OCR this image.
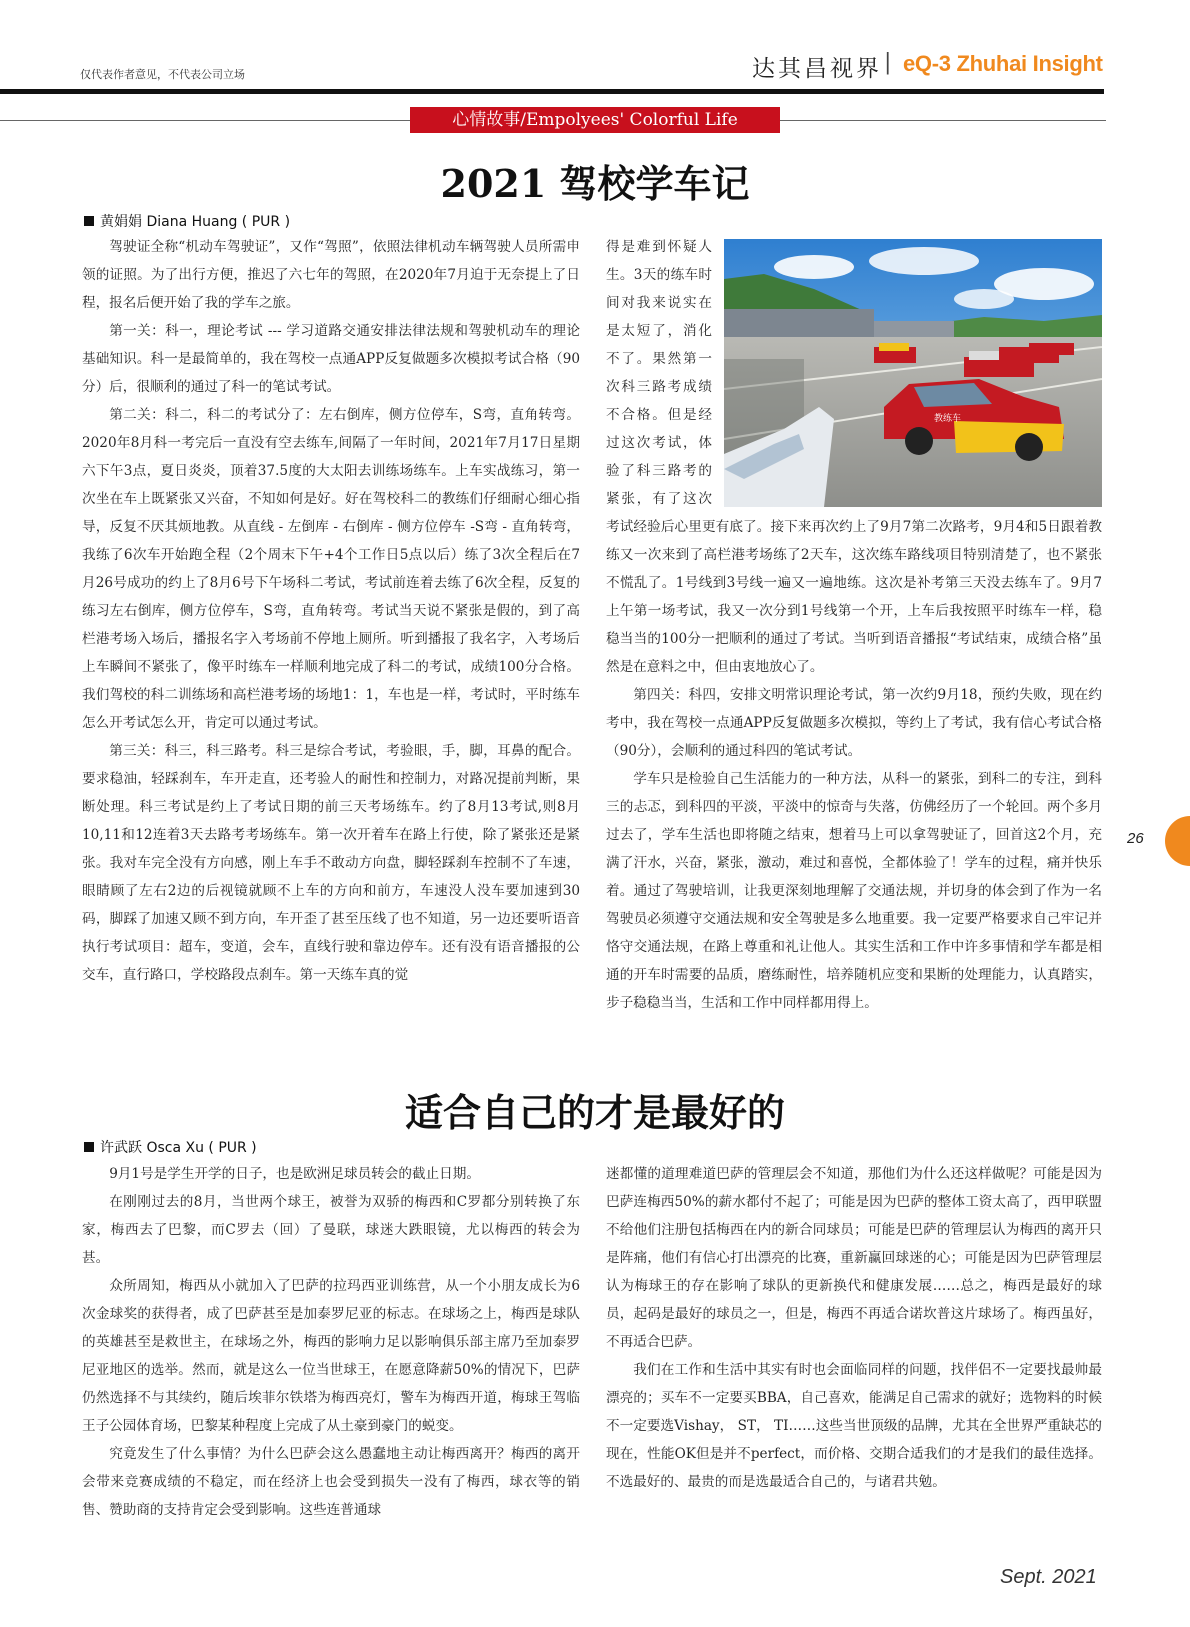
仅代表作者意见，不代表公司立场	达其昌视界 | eQ-3 Zhuhai Insight
心情故事/Empolyees' Colorful Life
2021 驾校学车记
黄娟娟 Diana Huang ( PUR )

驾驶证全称“机动车驾驶证”，又作“驾照”，依照法律机动车辆驾驶人员所需申领的证照。为了出行方便，推迟了六七年的驾照，在2020年7月迫于无奈提上了日程，报名后便开始了我的学车之旅。

第一关：科一，理论考试 --- 学习道路交通安排法律法规和驾驶机动车的理论基础知识。科一是最简单的，我在驾校一点通APP反复做题多次模拟考试合格（90分）后，很顺利的通过了科一的笔试考试。

第二关：科二，科二的考试分了：左右倒库，侧方位停车，S弯，直角转弯。2020年8月科一考完后一直没有空去练车,间隔了一年时间，2021年7月17日星期六下午3点，夏日炎炎，顶着37.5度的大太阳去训练场练车。上车实战练习，第一次坐在车上既紧张又兴奋，不知如何是好。好在驾校科二的教练们仔细耐心细心指导，反复不厌其烦地教。从直线 - 左倒库 - 右倒库 - 侧方位停车 -S弯 - 直角转弯，我练了6次车开始跑全程（2个周末下午+4个工作日5点以后）练了3次全程后在7月26号成功的约上了8月6号下午场科二考试，考试前连着去练了6次全程，反复的练习左右倒库，侧方位停车，S弯，直角转弯。考试当天说不紧张是假的，到了高栏港考场入场后，播报名字入考场前不停地上厕所。听到播报了我名字，入考场后上车瞬间不紧张了，像平时练车一样顺利地完成了科二的考试，成绩100分合格。我们驾校的科二训练场和高栏港考场的场地1：1，车也是一样，考试时，平时练车怎么开考试怎么开，肯定可以通过考试。

第三关：科三，科三路考。科三是综合考试，考验眼，手，脚，耳鼻的配合。要求稳油，轻踩刹车，车开走直，还考验人的耐性和控制力，对路况提前判断，果断处理。科三考试是约上了考试日期的前三天考场练车。约了8月13考试,则8月10,11和12连着3天去路考考场练车。第一次开着车在路上行使，除了紧张还是紧张。我对车完全没有方向感，刚上车手不敢动方向盘，脚轻踩刹车控制不了车速，眼睛顾了左右2边的后视镜就顾不上车的方向和前方，车速没人没车要加速到30码，脚踩了加速又顾不到方向，车开歪了甚至压线了也不知道，另一边还要听语音执行考试项目：超车，变道，会车，直线行驶和靠边停车。还有没有语音播报的公交车，直行路口，学校路段点刹车。第一天练车真的觉

教练车

得是难到怀疑人生。3天的练车时间对我来说实在是太短了，消化不了。果然第一次科三路考成绩不合格。但是经过这次考试，体验了科三路考的紧张，有了这次考试经验后心里更有底了。接下来再次约上了9月7第二次路考，9月4和5日跟着教练又一次来到了高栏港考场练了2天车，这次练车路线项目特别清楚了，也不紧张不慌乱了。1号线到3号线一遍又一遍地练。这次是补考第三天没去练车了。9月7上午第一场考试，我又一次分到1号线第一个开，上车后我按照平时练车一样，稳稳当当的100分一把顺利的通过了考试。当听到语音播报“考试结束，成绩合格”虽然是在意料之中，但由衷地放心了。

第四关：科四，安排文明常识理论考试，第一次约9月18，预约失败，现在约考中，我在驾校一点通APP反复做题多次模拟，等约上了考试，我有信心考试合格（90分），会顺利的通过科四的笔试考试。

学车只是检验自己生活能力的一种方法，从科一的紧张，到科二的专注，到科三的忐忑，到科四的平淡，平淡中的惊奇与失落，仿佛经历了一个轮回。两个多月过去了，学车生活也即将随之结束，想着马上可以拿驾驶证了，回首这2个月，充满了汗水，兴奋，紧张，激动，难过和喜悦，全都体验了！学车的过程，痛并快乐着。通过了驾驶培训，让我更深刻地理解了交通法规，并切身的体会到了作为一名驾驶员必须遵守交通法规和安全驾驶是多么地重要。我一定要严格要求自己牢记并恪守交通法规，在路上尊重和礼让他人。其实生活和工作中许多事情和学车都是相通的开车时需要的品质，磨练耐性，培养随机应变和果断的处理能力，认真踏实，步子稳稳当当，生活和工作中同样都用得上。

适合自己的才是最好的
许武跃 Osca Xu ( PUR )

9月1号是学生开学的日子，也是欧洲足球员转会的截止日期。

在刚刚过去的8月，当世两个球王，被誉为双骄的梅西和C罗都分别转换了东家，梅西去了巴黎，而C罗去（回）了曼联，球迷大跌眼镜，尤以梅西的转会为甚。

众所周知，梅西从小就加入了巴萨的拉玛西亚训练营，从一个小朋友成长为6次金球奖的获得者，成了巴萨甚至是加泰罗尼亚的标志。在球场之上，梅西是球队的英雄甚至是救世主，在球场之外，梅西的影响力足以影响俱乐部主席乃至加泰罗尼亚地区的选举。然而，就是这么一位当世球王，在愿意降薪50%的情况下，巴萨仍然选择不与其续约，随后埃菲尔铁塔为梅西亮灯，警车为梅西开道，梅球王驾临王子公园体育场，巴黎某种程度上完成了从土豪到豪门的蜕变。

究竟发生了什么事情？为什么巴萨会这么愚蠢地主动让梅西离开？梅西的离开会带来竞赛成绩的不稳定，而在经济上也会受到损失一没有了梅西，球衣等的销售、赞助商的支持肯定会受到影响。这些连普通球

迷都懂的道理难道巴萨的管理层会不知道，那他们为什么还这样做呢？可能是因为巴萨连梅西50%的薪水都付不起了；可能是因为巴萨的整体工资太高了，西甲联盟不给他们注册包括梅西在内的新合同球员；可能是巴萨的管理层认为梅西的离开只是阵痛，他们有信心打出漂亮的比赛，重新赢回球迷的心；可能是因为巴萨管理层认为梅球王的存在影响了球队的更新换代和健康发展……总之，梅西是最好的球员，起码是最好的球员之一，但是，梅西不再适合诺坎普这片球场了。梅西虽好，不再适合巴萨。

我们在工作和生活中其实有时也会面临同样的问题，找伴侣不一定要找最帅最漂亮的；买车不一定要买BBA，自己喜欢，能满足自己需求的就好；选物料的时候不一定要选Vishay， ST， TI……这些当世顶级的品牌，尤其在全世界严重缺芯的现在，性能OK但是并不perfect，而价格、交期合适我们的才是我们的最佳选择。不选最好的、最贵的而是选最适合自己的，与诸君共勉。

26
Sept. 2021
